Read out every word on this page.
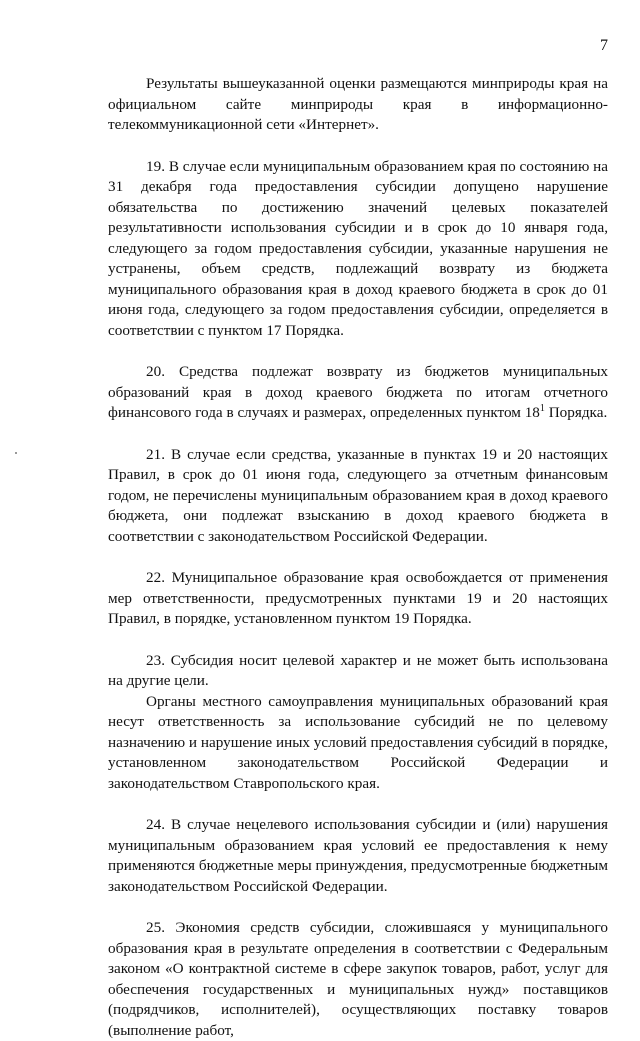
7

Результаты вышеуказанной оценки размещаются минприроды края на официальном сайте минприроды края в информационно-телекоммуникационной сети «Интернет».

19. В случае если муниципальным образованием края по состоянию на 31 декабря года предоставления субсидии допущено нарушение обязательства по достижению значений целевых показателей результативности использования субсидии и в срок до 10 января года, следующего за годом предоставления субсидии, указанные нарушения не устранены, объем средств, подлежащий возврату из бюджета муниципального образования края в доход краевого бюджета в срок до 01 июня года, следующего за годом предоставления субсидии, определяется в соответствии с пунктом 17 Порядка.

20. Средства подлежат возврату из бюджетов муниципальных образований края в доход краевого бюджета по итогам отчетного финансового года в случаях и размерах, определенных пунктом $18^1$ Порядка.

21. В случае если средства, указанные в пунктах 19 и 20 настоящих Правил, в срок до 01 июня года, следующего за отчетным финансовым годом, не перечислены муниципальным образованием края в доход краевого бюджета, они подлежат взысканию в доход краевого бюджета в соответствии с законодательством Российской Федерации.

22. Муниципальное образование края освобождается от применения мер ответственности, предусмотренных пунктами 19 и 20 настоящих Правил, в порядке, установленном пунктом 19 Порядка.

23. Субсидия носит целевой характер и не может быть использована на другие цели.

Органы местного самоуправления муниципальных образований края несут ответственность за использование субсидий не по целевому назначению и нарушение иных условий предоставления субсидий в порядке, установленном законодательством Российской Федерации и законодательством Ставропольского края.

24. В случае нецелевого использования субсидии и (или) нарушения муниципальным образованием края условий ее предоставления к нему применяются бюджетные меры принуждения, предусмотренные бюджетным законодательством Российской Федерации.

25. Экономия средств субсидии, сложившаяся у муниципального образования края в результате определения в соответствии с Федеральным законом «О контрактной системе в сфере закупок товаров, работ, услуг для обеспечения государственных и муниципальных нужд» поставщиков (подрядчиков, исполнителей), осуществляющих поставку товаров (выполнение работ,
